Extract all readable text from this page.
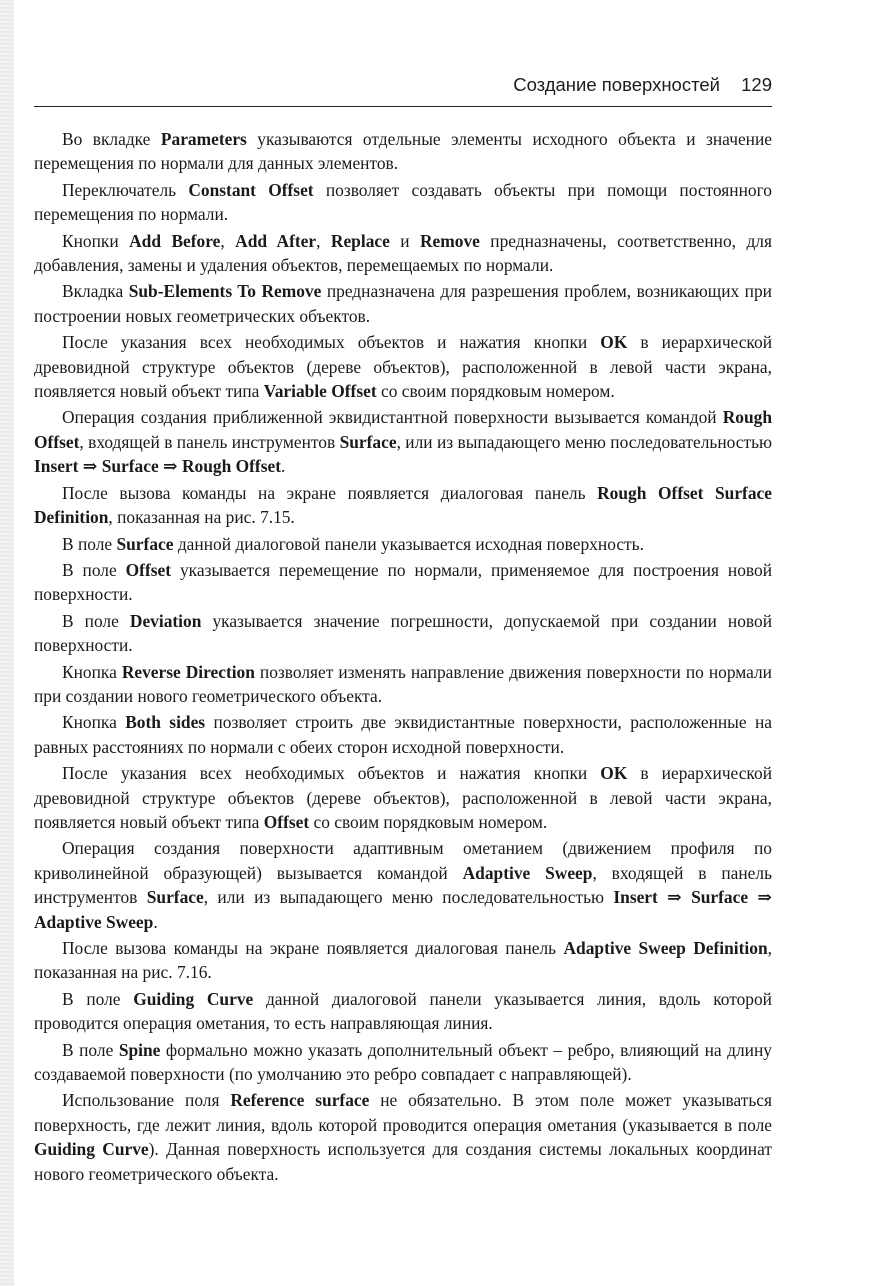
Создание поверхностей 129

Во вкладке Parameters указываются отдельные элементы исходного объекта и значение перемещения по нормали для данных элементов.

Переключатель Constant Offset позволяет создавать объекты при помощи постоянного перемещения по нормали.

Кнопки Add Before, Add After, Replace и Remove предназначены, соответственно, для добавления, замены и удаления объектов, перемещаемых по нормали.

Вкладка Sub-Elements To Remove предназначена для разрешения проблем, возникающих при построении новых геометрических объектов.

После указания всех необходимых объектов и нажатия кнопки OK в иерархической древовидной структуре объектов (дереве объектов), расположенной в левой части экрана, появляется новый объект типа Variable Offset со своим порядковым номером.

Операция создания приближенной эквидистантной поверхности вызывается командой Rough Offset, входящей в панель инструментов Surface, или из выпадающего меню последовательностью Insert ⇒ Surface ⇒ Rough Offset.

После вызова команды на экране появляется диалоговая панель Rough Offset Surface Definition, показанная на рис. 7.15.

В поле Surface данной диалоговой панели указывается исходная поверхность.

В поле Offset указывается перемещение по нормали, применяемое для построения новой поверхности.

В поле Deviation указывается значение погрешности, допускаемой при создании новой поверхности.

Кнопка Reverse Direction позволяет изменять направление движения поверхности по нормали при создании нового геометрического объекта.

Кнопка Both sides позволяет строить две эквидистантные поверхности, расположенные на равных расстояниях по нормали с обеих сторон исходной поверхности.

После указания всех необходимых объектов и нажатия кнопки OK в иерархической древовидной структуре объектов (дереве объектов), расположенной в левой части экрана, появляется новый объект типа Offset со своим порядковым номером.

Операция создания поверхности адаптивным ометанием (движением профиля по криволинейной образующей) вызывается командой Adaptive Sweep, входящей в панель инструментов Surface, или из выпадающего меню последовательностью Insert ⇒ Surface ⇒ Adaptive Sweep.

После вызова команды на экране появляется диалоговая панель Adaptive Sweep Definition, показанная на рис. 7.16.

В поле Guiding Curve данной диалоговой панели указывается линия, вдоль которой проводится операция ометания, то есть направляющая линия.

В поле Spine формально можно указать дополнительный объект – ребро, влияющий на длину создаваемой поверхности (по умолчанию это ребро совпадает с направляющей).

Использование поля Reference surface не обязательно. В этом поле может указываться поверхность, где лежит линия, вдоль которой проводится операция ометания (указывается в поле Guiding Curve). Данная поверхность используется для создания системы локальных координат нового геометрического объекта.
